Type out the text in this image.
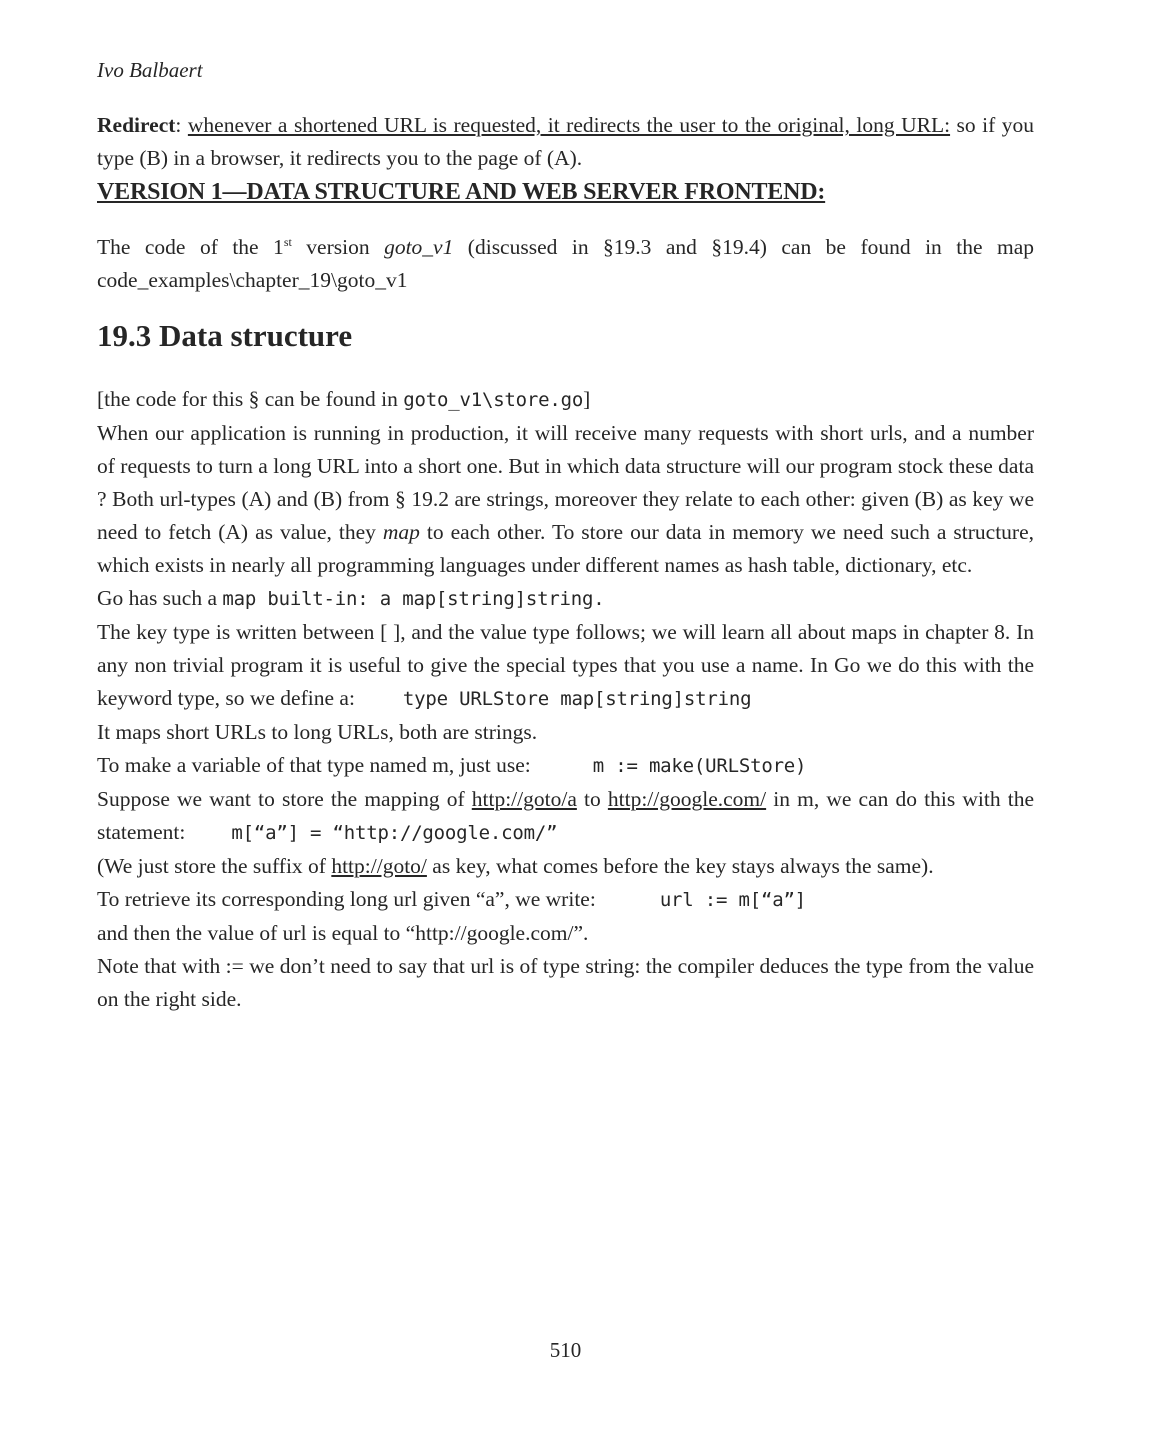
Ivo Balbaert

Redirect: whenever a shortened URL is requested, it redirects the user to the original, long URL: so if you type (B) in a browser, it redirects you to the page of (A).

VERSION 1—DATA STRUCTURE AND WEB SERVER FRONTEND:

The code of the 1st version goto_v1 (discussed in §19.3 and §19.4) can be found in the map code_examples\chapter_19\goto_v1

19.3 Data structure

[the code for this § can be found in goto_v1\store.go]

When our application is running in production, it will receive many requests with short urls, and a number of requests to turn a long URL into a short one. But in which data structure will our program stock these data ? Both url-types (A) and (B) from § 19.2 are strings, moreover they relate to each other: given (B) as key we need to fetch (A) as value, they map to each other. To store our data in memory we need such a structure, which exists in nearly all programming languages under different names as hash table, dictionary, etc.

Go has such a map built-in: a map[string]string.

The key type is written between [ ], and the value type follows; we will learn all about maps in chapter 8. In any non trivial program it is useful to give the special types that you use a name. In Go we do this with the keyword type, so we define a:	type URLStore map[string]string

It maps short URLs to long URLs, both are strings.

To make a variable of that type named m, just use:	m := make(URLStore)

Suppose we want to store the mapping of http://goto/a to http://google.com/ in m, we can do this with the statement: m[“a”] = “http://google.com/”

(We just store the suffix of http://goto/ as key, what comes before the key stays always the same).
To retrieve its corresponding long url given “a”, we write:	url := m[“a”]
and then the value of url is equal to “http://google.com/”.

Note that with := we don’t need to say that url is of type string: the compiler deduces the type from the value on the right side.

510
